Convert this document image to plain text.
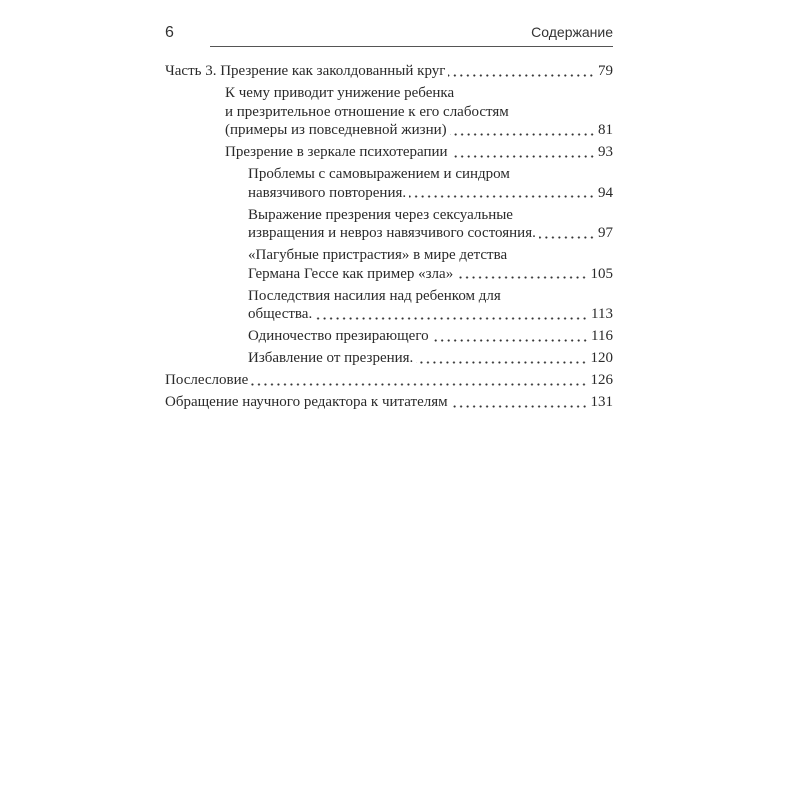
6	Содержание
Часть 3. Презрение как заколдованный круг	79
К чему приводит унижение ребенка
и презрительное отношение к его слабостям
(примеры из повседневной жизни)	81
Презрение в зеркале психотерапии	93
Проблемы с самовыражением и синдром
навязчивого повторения.	94
Выражение презрения через сексуальные
извращения и невроз навязчивого состояния.	97
«Пагубные пристрастия» в мире детства
Германа Гессе как пример «зла»	105
Последствия насилия над ребенком для
общества.	113
Одиночество презирающего	116
Избавление от презрения.	120
Послесловие	126
Обращение научного редактора к читателям	131
